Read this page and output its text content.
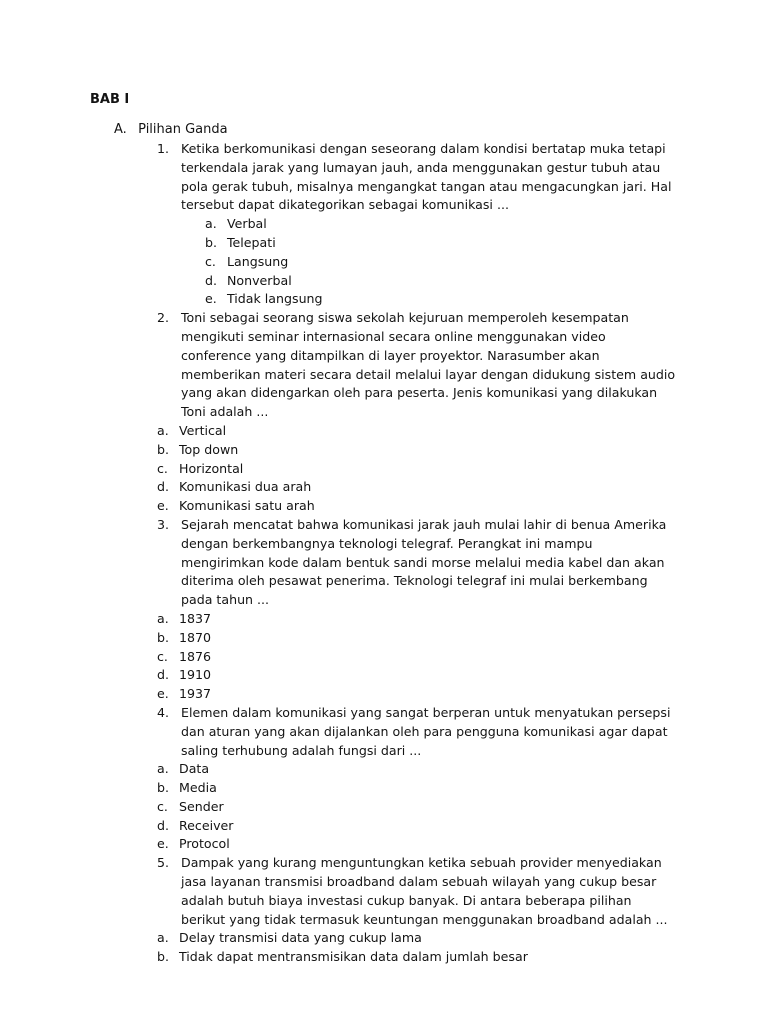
BAB I
A. Pilihan Ganda
1. Ketika berkomunikasi dengan seseorang dalam kondisi bertatap muka tetapi terkendala jarak yang lumayan jauh, anda menggunakan gestur tubuh atau pola gerak tubuh, misalnya mengangkat tangan atau mengacungkan jari. Hal tersebut dapat dikategorikan sebagai komunikasi ...
a. Verbal
b. Telepati
c. Langsung
d. Nonverbal
e. Tidak langsung
2. Toni sebagai seorang siswa sekolah kejuruan memperoleh kesempatan mengikuti seminar internasional secara online menggunakan video conference yang ditampilkan di layer proyektor. Narasumber akan memberikan materi secara detail melalui layar dengan didukung sistem audio yang akan didengarkan oleh para peserta. Jenis komunikasi yang dilakukan Toni adalah ...
a. Vertical
b. Top down
c. Horizontal
d. Komunikasi dua arah
e. Komunikasi satu arah
3. Sejarah mencatat bahwa komunikasi jarak jauh mulai lahir di benua Amerika dengan berkembangnya teknologi telegraf. Perangkat ini mampu mengirimkan kode dalam bentuk sandi morse melalui media kabel dan akan diterima oleh pesawat penerima. Teknologi telegraf ini mulai berkembang pada tahun ...
a. 1837
b. 1870
c. 1876
d. 1910
e. 1937
4. Elemen dalam komunikasi yang sangat berperan untuk menyatukan persepsi dan aturan yang akan dijalankan oleh para pengguna komunikasi agar dapat saling terhubung adalah fungsi dari ...
a. Data
b. Media
c. Sender
d. Receiver
e. Protocol
5. Dampak yang kurang menguntungkan ketika sebuah provider menyediakan jasa layanan transmisi broadband dalam sebuah wilayah yang cukup besar adalah butuh biaya investasi cukup banyak. Di antara beberapa pilihan berikut yang tidak termasuk keuntungan menggunakan broadband adalah ...
a. Delay transmisi data yang cukup lama
b. Tidak dapat mentransmisikan data dalam jumlah besar
